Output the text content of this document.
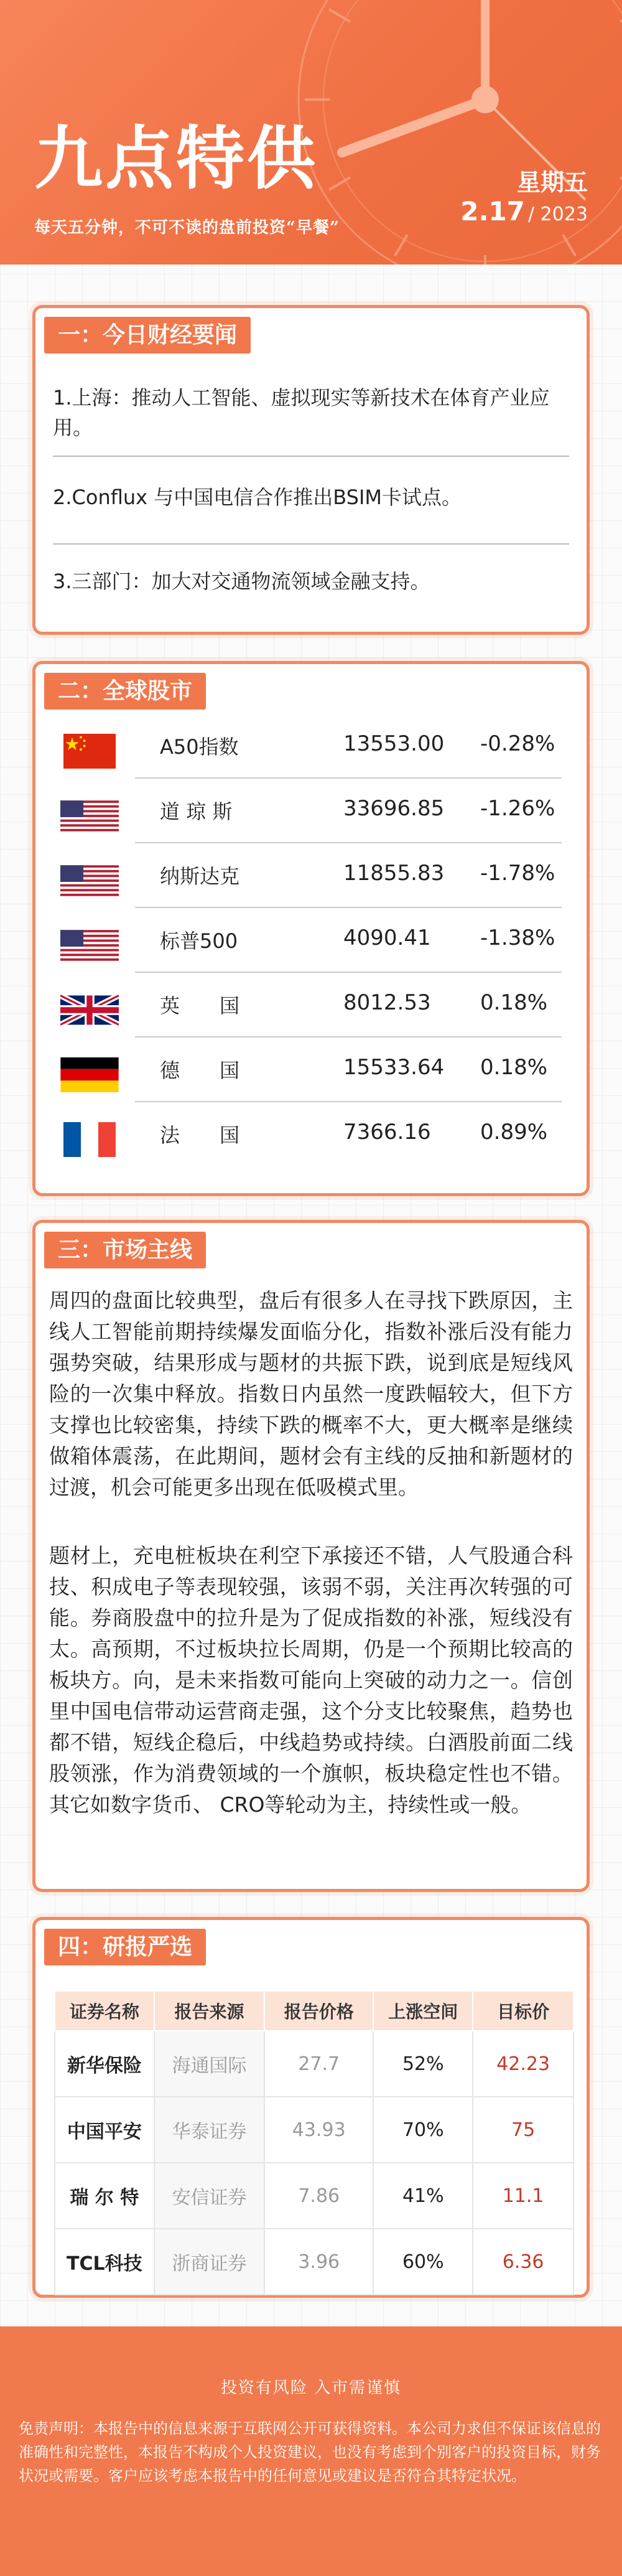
九点特供
每天五分钟，不可不读的盘前投资“早餐”
星期五
2.17 / 2023
一：今日财经要闻
1.上海：推动人工智能、虚拟现实等新技术在体育产业应用。
2.Conflux 与中国电信合作推出BSIM卡试点。
3.三部门：加大对交通物流领域金融支持。
二：全球股市
A50指数	13553.00 -0.28%
道 琼 斯	33696.85 -1.26%
纳斯达克	11855.83 -1.78%
标普500	4090.41 -1.38%
英　　国	8012.53 0.18%
德　　国	15533.64 0.18%
法　　国	7366.16 0.89%
三：市场主线
周四的盘面比较典型，盘后有很多人在寻找下跌原因，主线人工智能前期持续爆发面临分化，指数补涨后没有能力强势突破，结果形成与题材的共振下跌，说到底是短线风险的一次集中释放。指数日内虽然一度跌幅较大，但下方支撑也比较密集，持续下跌的概率不大，更大概率是继续做箱体震荡，在此期间，题材会有主线的反抽和新题材的过渡，机会可能更多出现在低吸模式里。
题材上，充电桩板块在利空下承接还不错，人气股通合科技、积成电子等表现较强，该弱不弱，关注再次转强的可能。券商股盘中的拉升是为了促成指数的补涨，短线没有太。高预期，不过板块拉长周期，仍是一个预期比较高的板块方。向，是未来指数可能向上突破的动力之一。信创里中国电信带动运营商走强，这个分支比较聚焦，趋势也都不错，短线企稳后，中线趋势或持续。白酒股前面二线股领涨，作为消费领域的一个旗帜，板块稳定性也不错。其它如数字货币、 CRO等轮动为主，持续性或一般。
四：研报严选
证券名称	报告来源	报告价格	上涨空间	目标价
新华保险	海通国际	27.7	52%	42.23
中国平安	华泰证券	43.93	70%	75
瑞 尔 特	安信证券	7.86	41%	11.1
TCL科技	浙商证券	3.96	60%	6.36
投资有风险 入市需谨慎
免责声明：本报告中的信息来源于互联网公开可获得资料。本公司力求但不保证该信息的准确性和完整性，本报告不构成个人投资建议，也没有考虑到个别客户的投资目标，财务状况或需要。客户应该考虑本报告中的任何意见或建议是否符合其特定状况。
